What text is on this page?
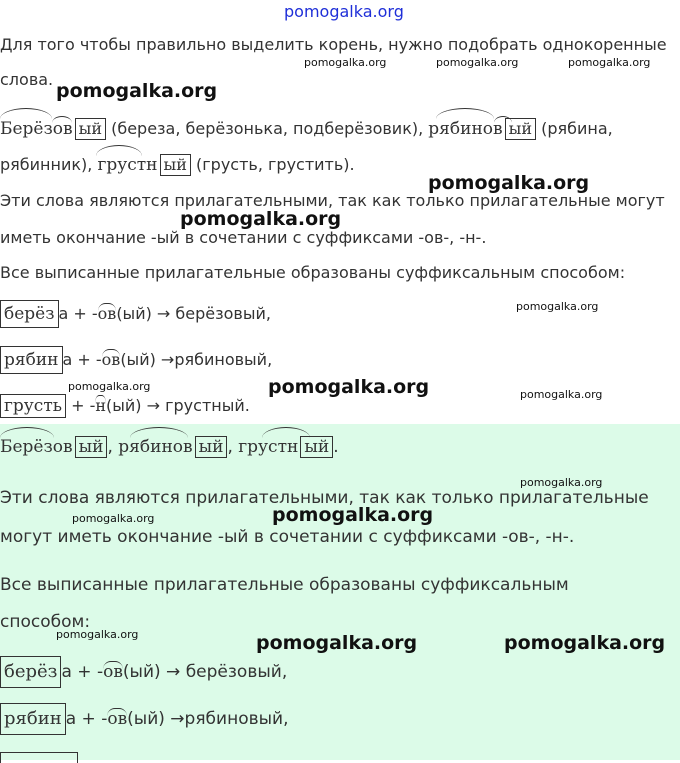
pomogalka.org
Для того чтобы правильно выделить корень, нужно подобрать однокоренные
слова.
Берёзов ый (береза, берёзонька, подберёзовик), рябинов ый (рябина,
рябинник), грустн ый (грусть, грустить).
Эти слова являются прилагательными, так как только прилагательные могут
иметь окончание -ый в сочетании с суффиксами -ов-, -н-.
Все выписанные прилагательные образованы суффиксальным способом:
берёз а + -ов(ый) → берёзовый,
рябин а + -ов(ый) →рябиновый,
грусть + -н(ый) → грустный.
Берёзов ый , рябинов ый , грустн ый .
Эти слова являются прилагательными, так как только прилагательные
могут иметь окончание -ый в сочетании с суффиксами -ов-, -н-.
Все выписанные прилагательные образованы суффиксальным
способом:
берёз а + -ов(ый) → берёзовый,
рябин а + -ов(ый) →рябиновый,
pomogalka.org	pomogalka.org	pomogalka.org
pomogalka.org
pomogalka.org
pomogalka.org
pomogalka.org
pomogalka.org	pomogalka.org	pomogalka.org
pomogalka.org
pomogalka.org	pomogalka.org
pomogalka.org	pomogalka.org	pomogalka.org
